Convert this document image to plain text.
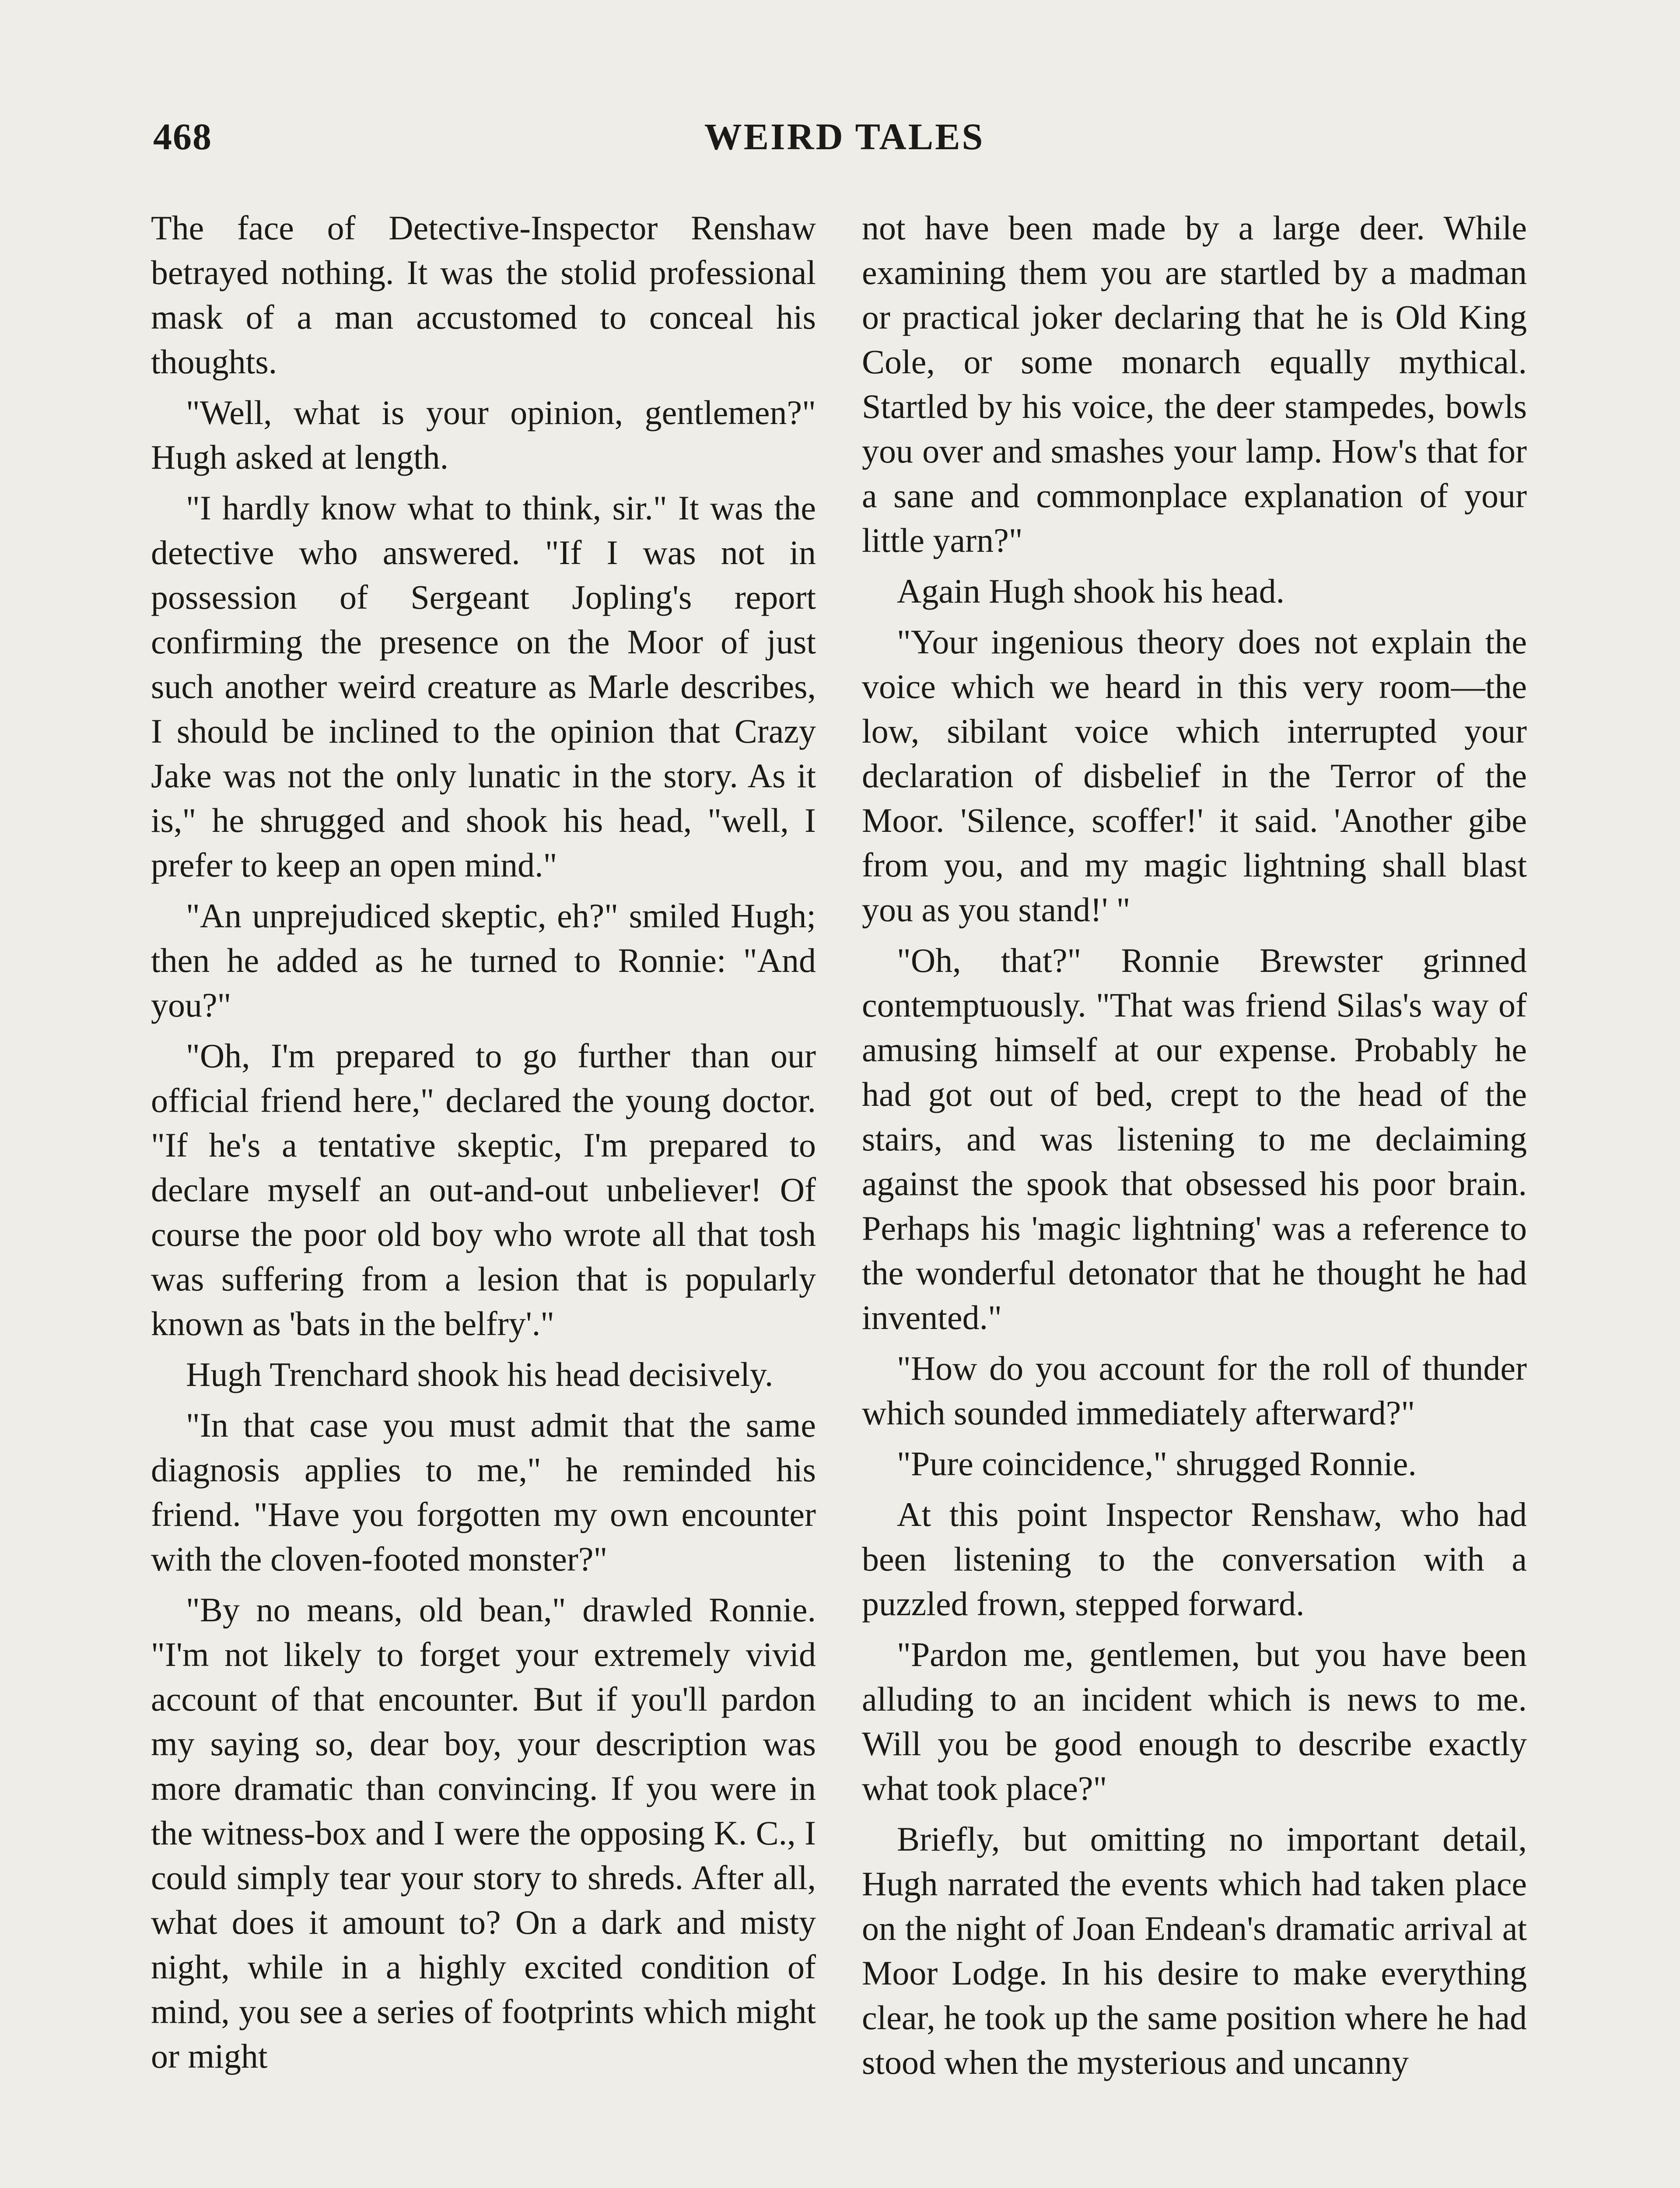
468	WEIRD TALES

The face of Detective-Inspector Renshaw betrayed nothing. It was the stolid professional mask of a man accustomed to conceal his thoughts.

"Well, what is your opinion, gentlemen?" Hugh asked at length.

"I hardly know what to think, sir." It was the detective who answered. "If I was not in possession of Sergeant Jopling's report confirming the presence on the Moor of just such another weird creature as Marle describes, I should be inclined to the opinion that Crazy Jake was not the only lunatic in the story. As it is," he shrugged and shook his head, "well, I prefer to keep an open mind."

"An unprejudiced skeptic, eh?" smiled Hugh; then he added as he turned to Ronnie: "And you?"

"Oh, I'm prepared to go further than our official friend here," declared the young doctor. "If he's a tentative skeptic, I'm prepared to declare myself an out-and-out unbeliever! Of course the poor old boy who wrote all that tosh was suffering from a lesion that is popularly known as 'bats in the belfry'."

Hugh Trenchard shook his head decisively.

"In that case you must admit that the same diagnosis applies to me," he reminded his friend. "Have you forgotten my own encounter with the cloven-footed monster?"

"By no means, old bean," drawled Ronnie. "I'm not likely to forget your extremely vivid account of that encounter. But if you'll pardon my saying so, dear boy, your description was more dramatic than convincing. If you were in the witness-box and I were the opposing K. C., I could simply tear your story to shreds. After all, what does it amount to? On a dark and misty night, while in a highly excited condition of mind, you see a series of footprints which might or might

not have been made by a large deer. While examining them you are startled by a madman or practical joker declaring that he is Old King Cole, or some monarch equally mythical. Startled by his voice, the deer stampedes, bowls you over and smashes your lamp. How's that for a sane and commonplace explanation of your little yarn?"

Again Hugh shook his head.

"Your ingenious theory does not explain the voice which we heard in this very room—the low, sibilant voice which interrupted your declaration of disbelief in the Terror of the Moor. 'Silence, scoffer!' it said. 'Another gibe from you, and my magic lightning shall blast you as you stand!' "

"Oh, that?" Ronnie Brewster grinned contemptuously. "That was friend Silas's way of amusing himself at our expense. Probably he had got out of bed, crept to the head of the stairs, and was listening to me declaiming against the spook that obsessed his poor brain. Perhaps his 'magic lightning' was a reference to the wonderful detonator that he thought he had invented."

"How do you account for the roll of thunder which sounded immediately afterward?"

"Pure coincidence," shrugged Ronnie.

At this point Inspector Renshaw, who had been listening to the conversation with a puzzled frown, stepped forward.

"Pardon me, gentlemen, but you have been alluding to an incident which is news to me. Will you be good enough to describe exactly what took place?"

Briefly, but omitting no important detail, Hugh narrated the events which had taken place on the night of Joan Endean's dramatic arrival at Moor Lodge. In his desire to make everything clear, he took up the same position where he had stood when the mysterious and uncanny
